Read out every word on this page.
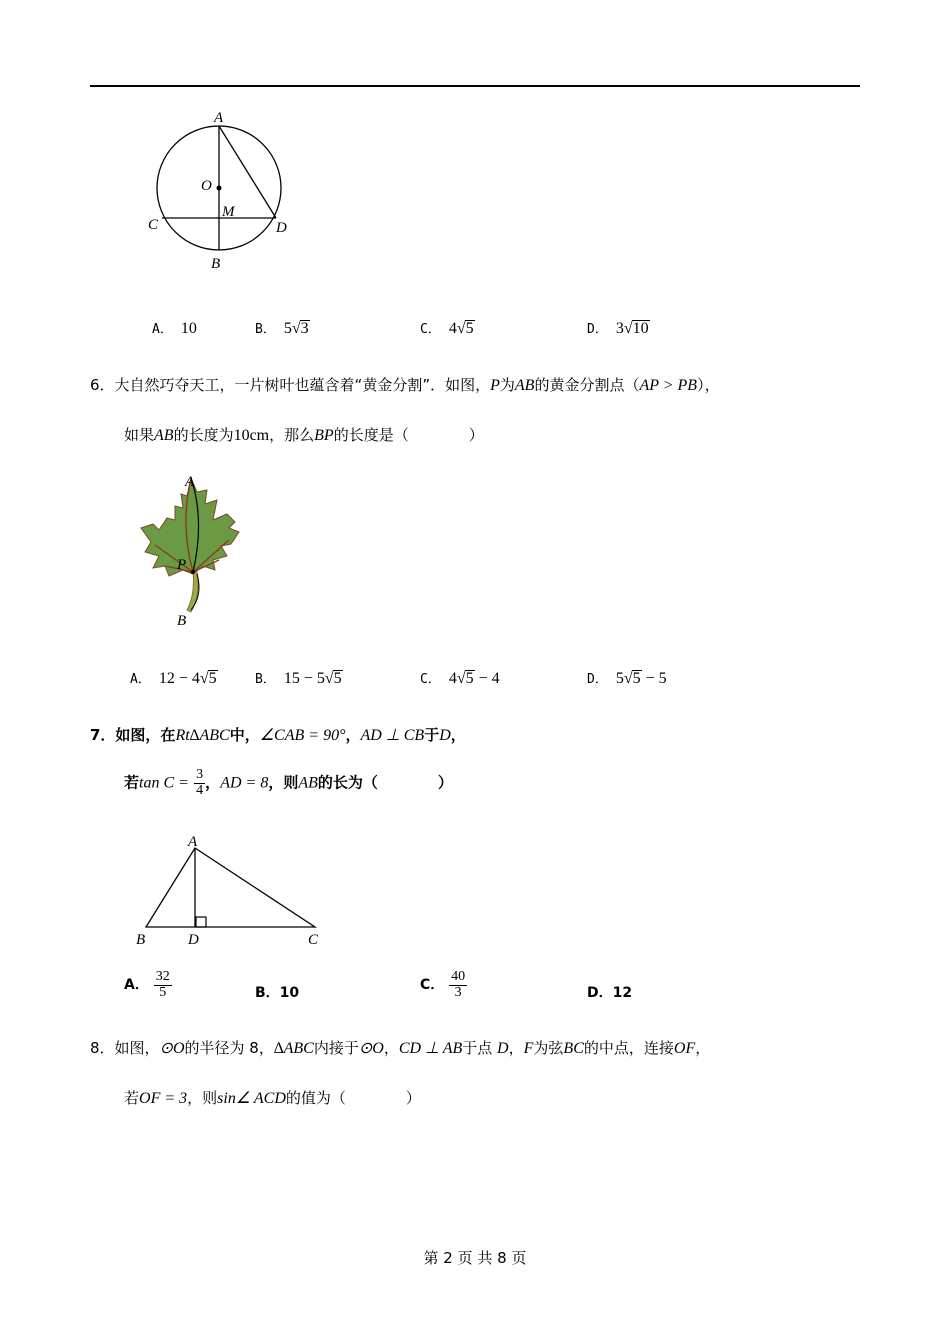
A
O
M
C	D
B
A． 10	B． 5√3	C． 4√5	D． 3√10
6．大自然巧夺天工，一片树叶也蕴含着“黄金分割”．如图，P为AB的黄金分割点（AP > PB），
如果AB的长度为10cm，那么BP的长度是（　　　　）
A
P
B
A． 12 − 4√5	B． 15 − 5√5	C． 4√5 − 4	D． 5√5 − 5
7．如图，在Rt∆ABC中，∠CAB = 90°，AD ⊥ CB于D，
若$\tan C = \frac{3}{4}$ ，AD = 8，则AB的长为（　　　　）
A
B	D	C
A． $\frac{32}{5}$	B．10	C． $\frac{40}{3}$	D．12
8．如图，⊙O的半径为 8，∆ABC内接于⊙O，CD ⊥ AB于点 D，F为弦BC的中点，连接OF，
若OF = 3，则sin∠ ACD的值为（　　　　）
第 2 页 共 8 页
